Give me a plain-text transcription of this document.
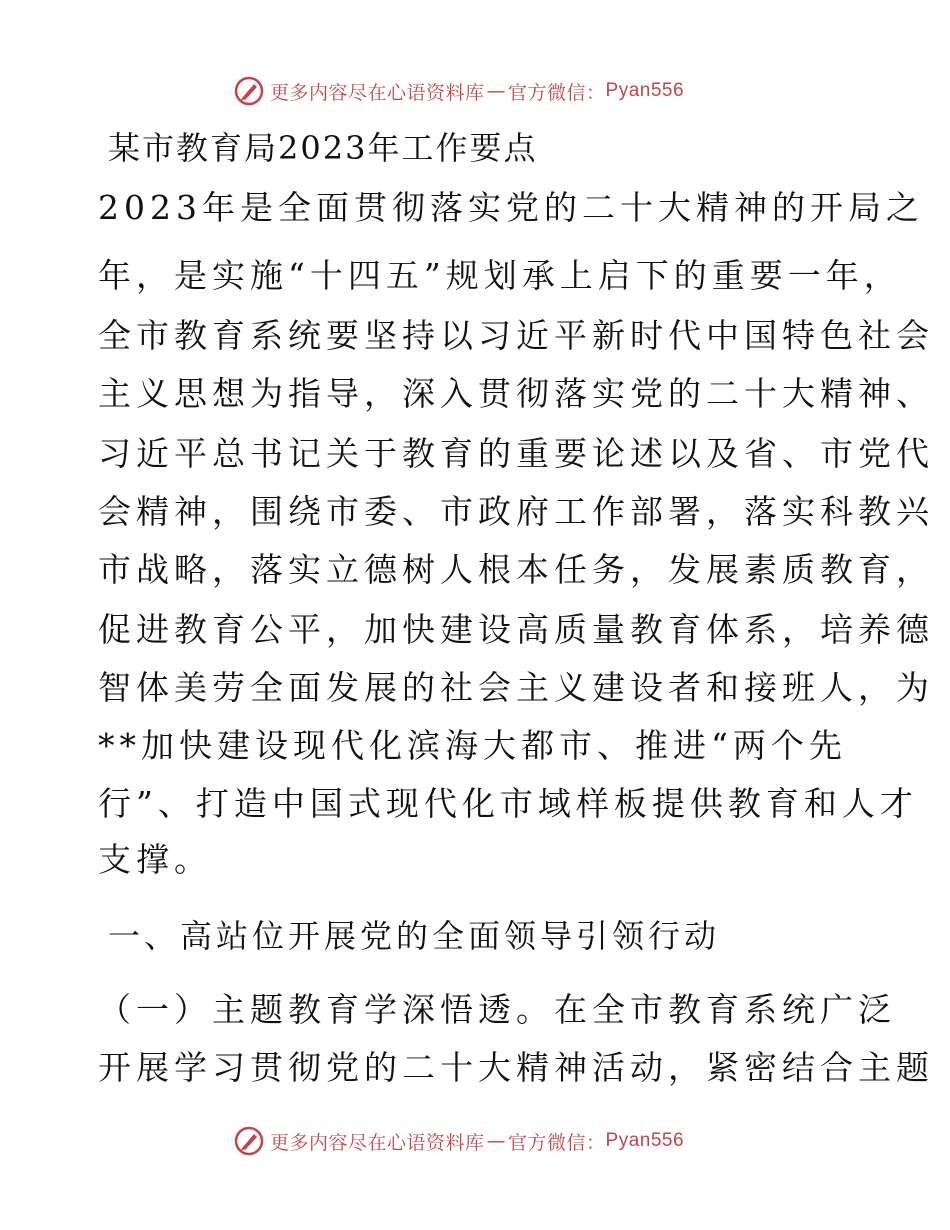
更多内容尽在心语资料库 — 官方微信： Pyan556
某市教育局2023年工作要点
2023年是全面贯彻落实党的二十大精神的开局之
年，是实施“十四五”规划承上启下的重要一年，
全市教育系统要坚持以习近平新时代中国特色社会
主义思想为指导，深入贯彻落实党的二十大精神、
习近平总书记关于教育的重要论述以及省、市党代
会精神，围绕市委、市政府工作部署，落实科教兴
市战略，落实立德树人根本任务，发展素质教育，
促进教育公平，加快建设高质量教育体系，培养德
智体美劳全面发展的社会主义建设者和接班人，为
**加快建设现代化滨海大都市、推进“两个先
行”、打造中国式现代化市域样板提供教育和人才
支撑。
一、高站位开展党的全面领导引领行动
（一）主题教育学深悟透。在全市教育系统广泛
开展学习贯彻党的二十大精神活动，紧密结合主题
更多内容尽在心语资料库 — 官方微信： Pyan556
